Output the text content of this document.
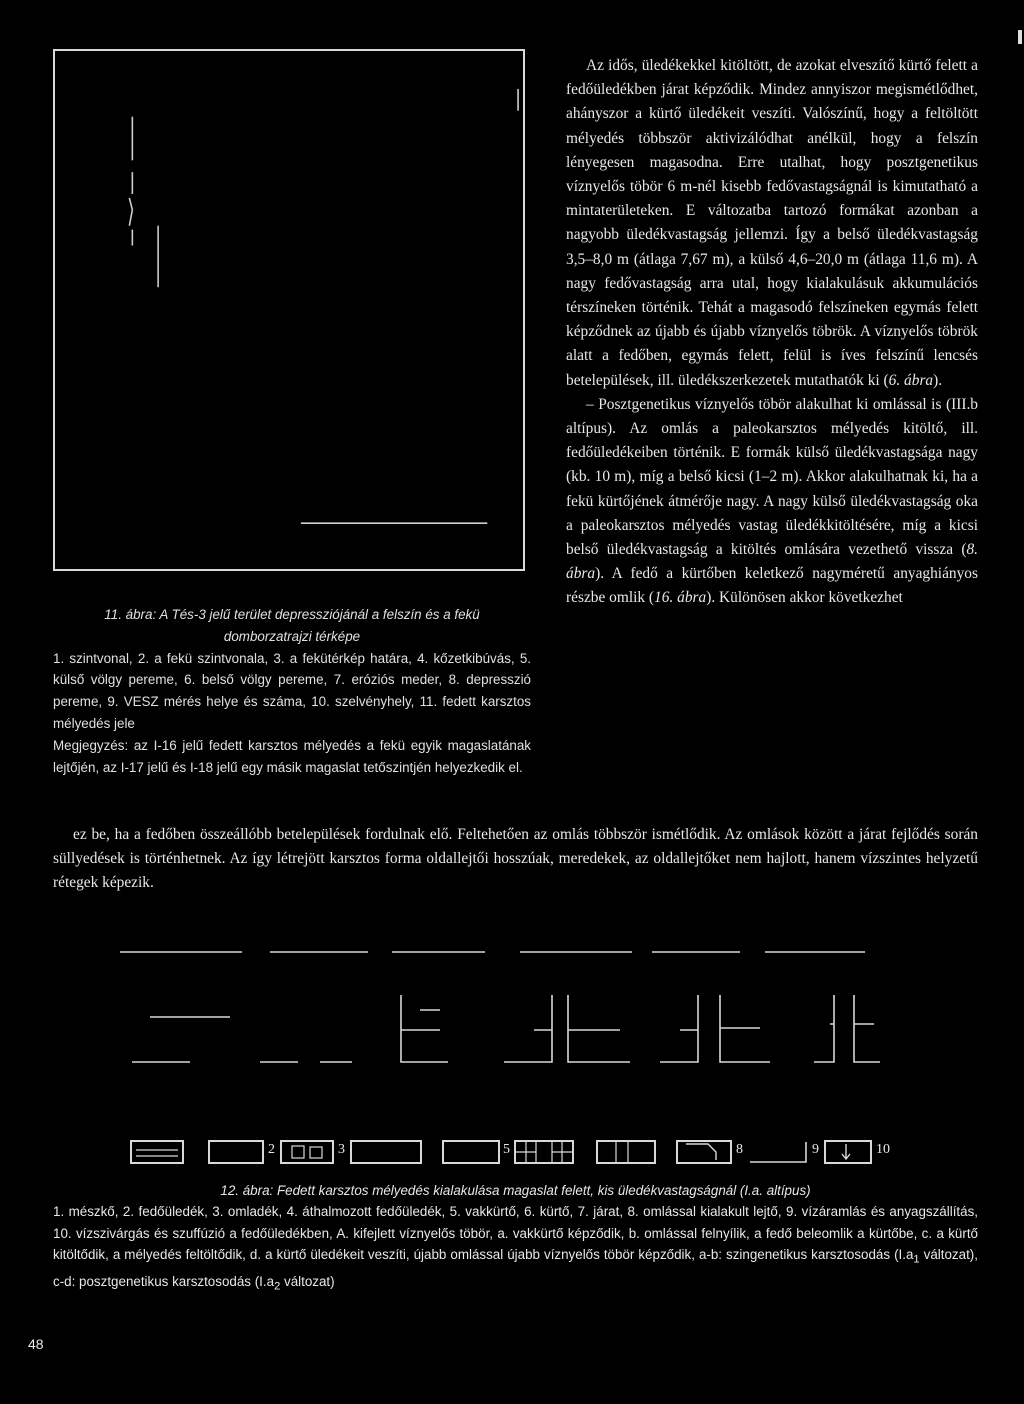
Az idős, üledékekkel kitöltött, de azokat elveszítő kürtő felett a fedőüledékben járat képződik. Mindez annyiszor megismétlődhet, ahányszor a kürtő üledékeit veszíti. Valószínű, hogy a feltöltött mélyedés többször aktivizálódhat anélkül, hogy a felszín lényegesen magasodna. Erre utalhat, hogy posztgenetikus víznyelős töbör 6 m-nél kisebb fedővastagságnál is kimutatható a mintaterületeken. E változatba tartozó formákat azonban a nagyobb üledékvastagság jellemzi. Így a belső üledékvastagság 3,5–8,0 m (átlaga 7,67 m), a külső 4,6–20,0 m (átlaga 11,6 m). A nagy fedővastagság arra utal, hogy kialakulásuk akkumulációs térszíneken történik. Tehát a magasodó felszíneken egymás felett képződnek az újabb és újabb víznyelős töbrök. A víznyelős töbrök alatt a fedőben, egymás felett, felül is íves felszínű lencsés betelepülések, ill. üledékszerkezetek mutathatók ki (6. ábra).

– Posztgenetikus víznyelős töbör alakulhat ki omlással is (III.b altípus). Az omlás a paleokarsztos mélyedés kitöltő, ill. fedőüledékeiben történik. E formák külső üledékvastagsága nagy (kb. 10 m), míg a belső kicsi (1–2 m). Akkor alakulhatnak ki, ha a fekü kürtőjének átmérője nagy. A nagy külső üledékvastagság oka a paleokarsztos mélyedés vastag üledékkitöltésére, míg a kicsi belső üledékvastagság a kitöltés omlására vezethető vissza (8. ábra). A fedő a kürtőben keletkező nagyméretű anyaghiányos részbe omlik (16. ábra). Különösen akkor következhet

11. ábra: A Tés-3 jelű terület depressziójánál a felszín és a fekü
domborzatrajzi térképe
1. szintvonal, 2. a fekü szintvonala, 3. a fekütérkép határa, 4. kőzetkibúvás, 5. külső völgy pereme, 6. belső völgy pereme, 7. eróziós meder, 8. depresszió pereme, 9. VESZ mérés helye és száma, 10. szelvényhely, 11. fedett karsztos mélyedés jele
Megjegyzés: az I-16 jelű fedett karsztos mélyedés a fekü egyik magaslatának lejtőjén, az I-17 jelű és I-18 jelű egy másik magaslat tetőszintjén helyezkedik el.
ez be, ha a fedőben összeállóbb betelepülések fordulnak elő. Feltehetően az omlás többször ismétlődik. Az omlások között a járat fejlődés során süllyedések is történhetnek. Az így létrejött karsztos forma oldallejtői hosszúak, meredekek, az oldallejtőket nem hajlott, hanem vízszintes helyzetű rétegek képezik.
2	3	5	8	9	10
12. ábra: Fedett karsztos mélyedés kialakulása magaslat felett, kis üledékvastagságnál (I.a. altípus)
1. mészkő, 2. fedőüledék, 3. omladék, 4. áthalmozott fedőüledék, 5. vakkürtő, 6. kürtő, 7. járat, 8. omlással kialakult lejtő, 9. vízáramlás és anyagszállítás, 10. vízszivárgás és szuffúzió a fedőüledékben, A. kifejlett víznyelős töbör, a. vakkürtő képződik, b. omlással felnyílik, a fedő beleomlik a kürtőbe, c. a kürtő kitöltődik, a mélyedés feltöltődik, d. a kürtő üledékeit veszíti, újabb omlással újabb víznyelős töbör képződik, a-b: szingenetikus karsztosodás ($I.a_1$ változat), c-d: posztgenetikus karsztosodás ($I.a_2$ változat)
48
